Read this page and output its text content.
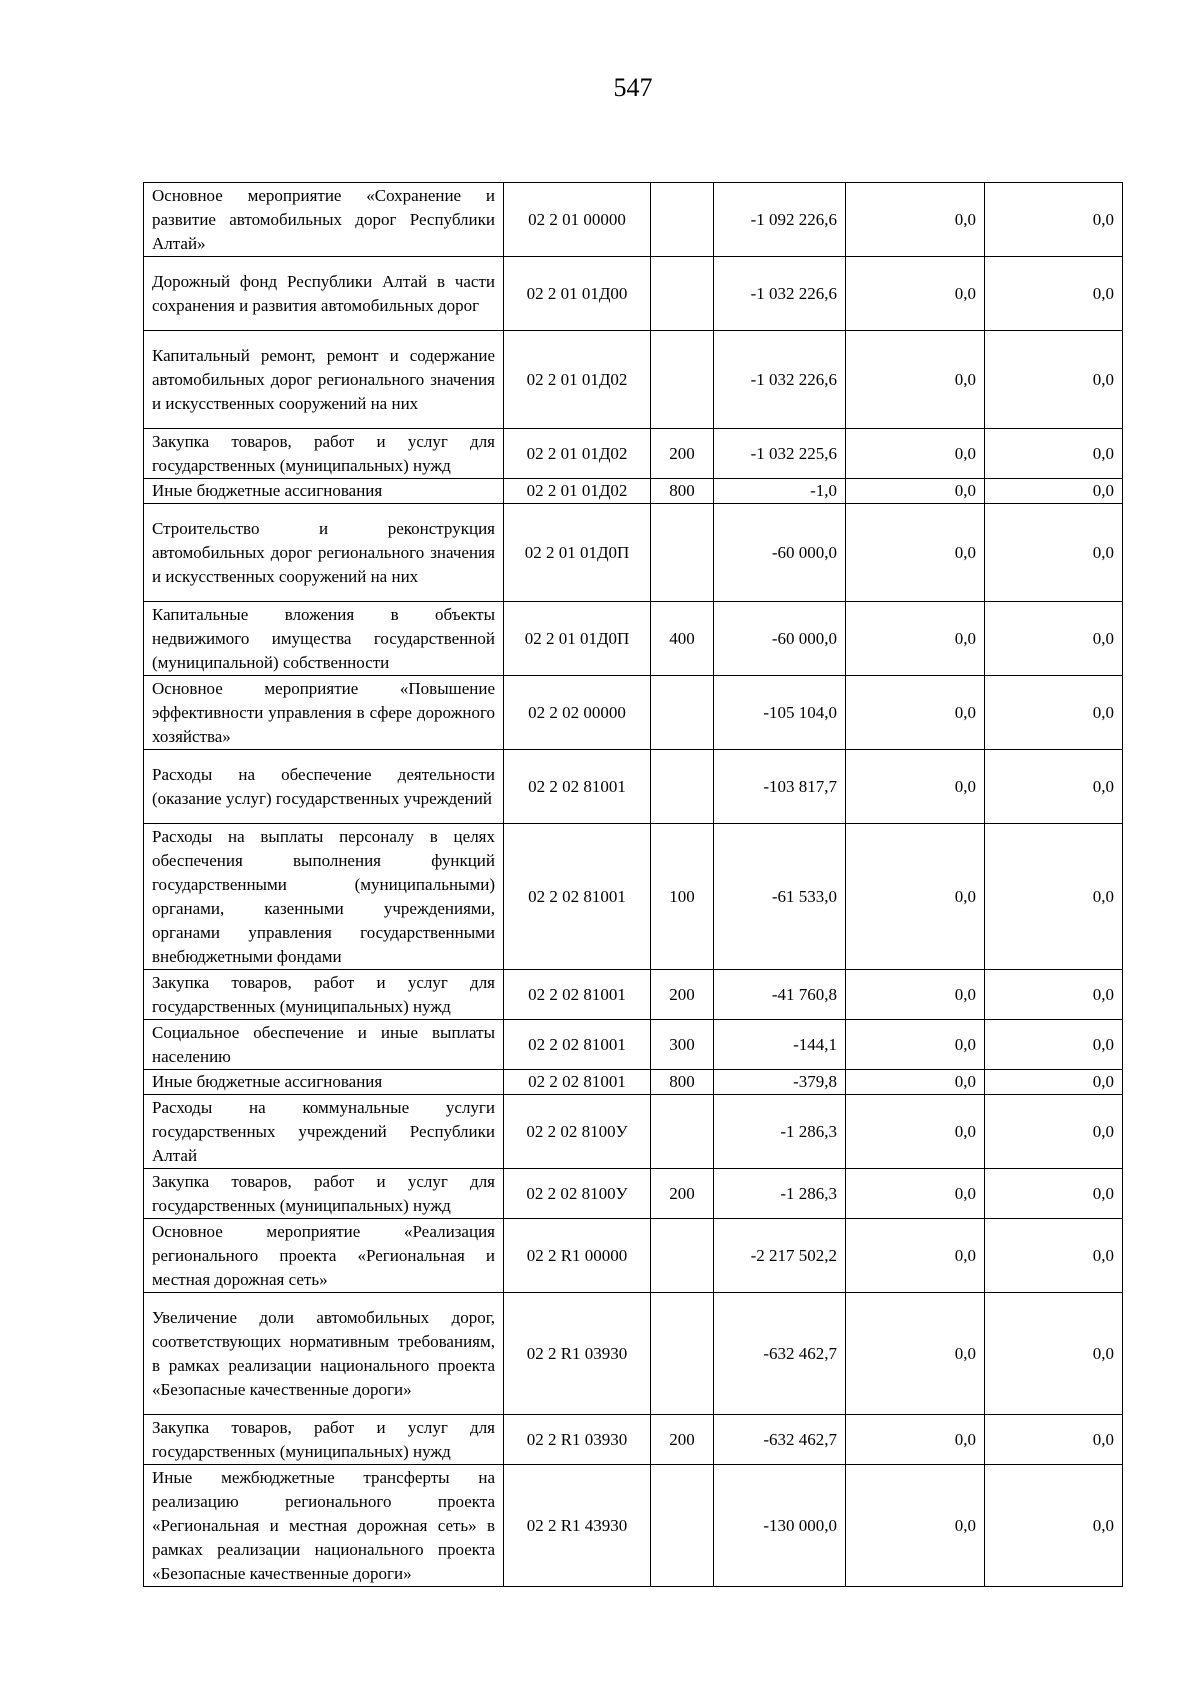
547
Основное мероприятие «Сохранение и развитие автомобильных дорог Республики Алтай»	02 2 01 00000		-1 092 226,6	0,0	0,0
Дорожный фонд Республики Алтай в части сохранения и развития автомобильных дорог	02 2 01 01Д00		-1 032 226,6	0,0	0,0
Капитальный ремонт, ремонт и содержание автомобильных дорог регионального значения и искусственных сооружений на них	02 2 01 01Д02		-1 032 226,6	0,0	0,0
Закупка товаров, работ и услуг для государственных (муниципальных) нужд	02 2 01 01Д02	200	-1 032 225,6	0,0	0,0
Иные бюджетные ассигнования	02 2 01 01Д02	800	-1,0	0,0	0,0
Строительство и реконструкция автомобильных дорог регионального значения и искусственных сооружений на них	02 2 01 01Д0П		-60 000,0	0,0	0,0
Капитальные вложения в объекты недвижимого имущества государственной (муниципальной) собственности	02 2 01 01Д0П	400	-60 000,0	0,0	0,0
Основное мероприятие «Повышение эффективности управления в сфере дорожного хозяйства»	02 2 02 00000		-105 104,0	0,0	0,0
Расходы на обеспечение деятельности (оказание услуг) государственных учреждений	02 2 02 81001		-103 817,7	0,0	0,0
Расходы на выплаты персоналу в целях обеспечения выполнения функций государственными (муниципальными) органами, казенными учреждениями, органами управления государственными внебюджетными фондами	02 2 02 81001	100	-61 533,0	0,0	0,0
Закупка товаров, работ и услуг для государственных (муниципальных) нужд	02 2 02 81001	200	-41 760,8	0,0	0,0
Социальное обеспечение и иные выплаты населению	02 2 02 81001	300	-144,1	0,0	0,0
Иные бюджетные ассигнования	02 2 02 81001	800	-379,8	0,0	0,0
Расходы на коммунальные услуги государственных учреждений Республики Алтай	02 2 02 8100У		-1 286,3	0,0	0,0
Закупка товаров, работ и услуг для государственных (муниципальных) нужд	02 2 02 8100У	200	-1 286,3	0,0	0,0
Основное мероприятие «Реализация регионального проекта «Региональная и местная дорожная сеть»	02 2 R1 00000		-2 217 502,2	0,0	0,0
Увеличение доли автомобильных дорог, соответствующих нормативным требованиям, в рамках реализации национального проекта «Безопасные качественные дороги»	02 2 R1 03930		-632 462,7	0,0	0,0
Закупка товаров, работ и услуг для государственных (муниципальных) нужд	02 2 R1 03930	200	-632 462,7	0,0	0,0
Иные межбюджетные трансферты на реализацию регионального проекта «Региональная и местная дорожная сеть» в рамках реализации национального проекта «Безопасные качественные дороги»	02 2 R1 43930		-130 000,0	0,0	0,0
